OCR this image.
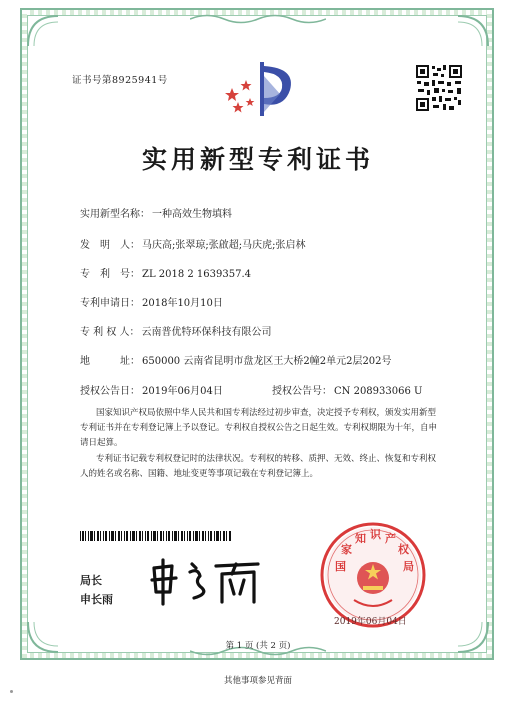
证书号第8925941号
实用新型专利证书
实用新型名称： 一种高效生物填料
发　明　人： 马庆高;张翠琼;张啟超;马庆虎;张启林
专　利　号： ZL 2018 2 1639357.4
专利申请日： 2018年10月10日
专 利 权 人： 云南普优特环保科技有限公司
地　　　址： 650000 云南省昆明市盘龙区王大桥2幢2单元2层202号
授权公告日： 2019年06月04日	授权公告号： CN 208933066 U
国家知识产权局依照中华人民共和国专利法经过初步审查，决定授予专利权，颁发实用新型专利证书并在专利登记簿上予以登记。专利权自授权公告之日起生效。专利权期限为十年，自申请日起算。
专利证书记载专利权登记时的法律状况。专利权的转移、质押、无效、终止、恢复和专利权人的姓名或名称、国籍、地址变更等事项记载在专利登记簿上。
局长
申长雨
国
家
知 识 产
权
局
2019年06月04日
第 1 页 (共 2 页)
其他事项参见背面
